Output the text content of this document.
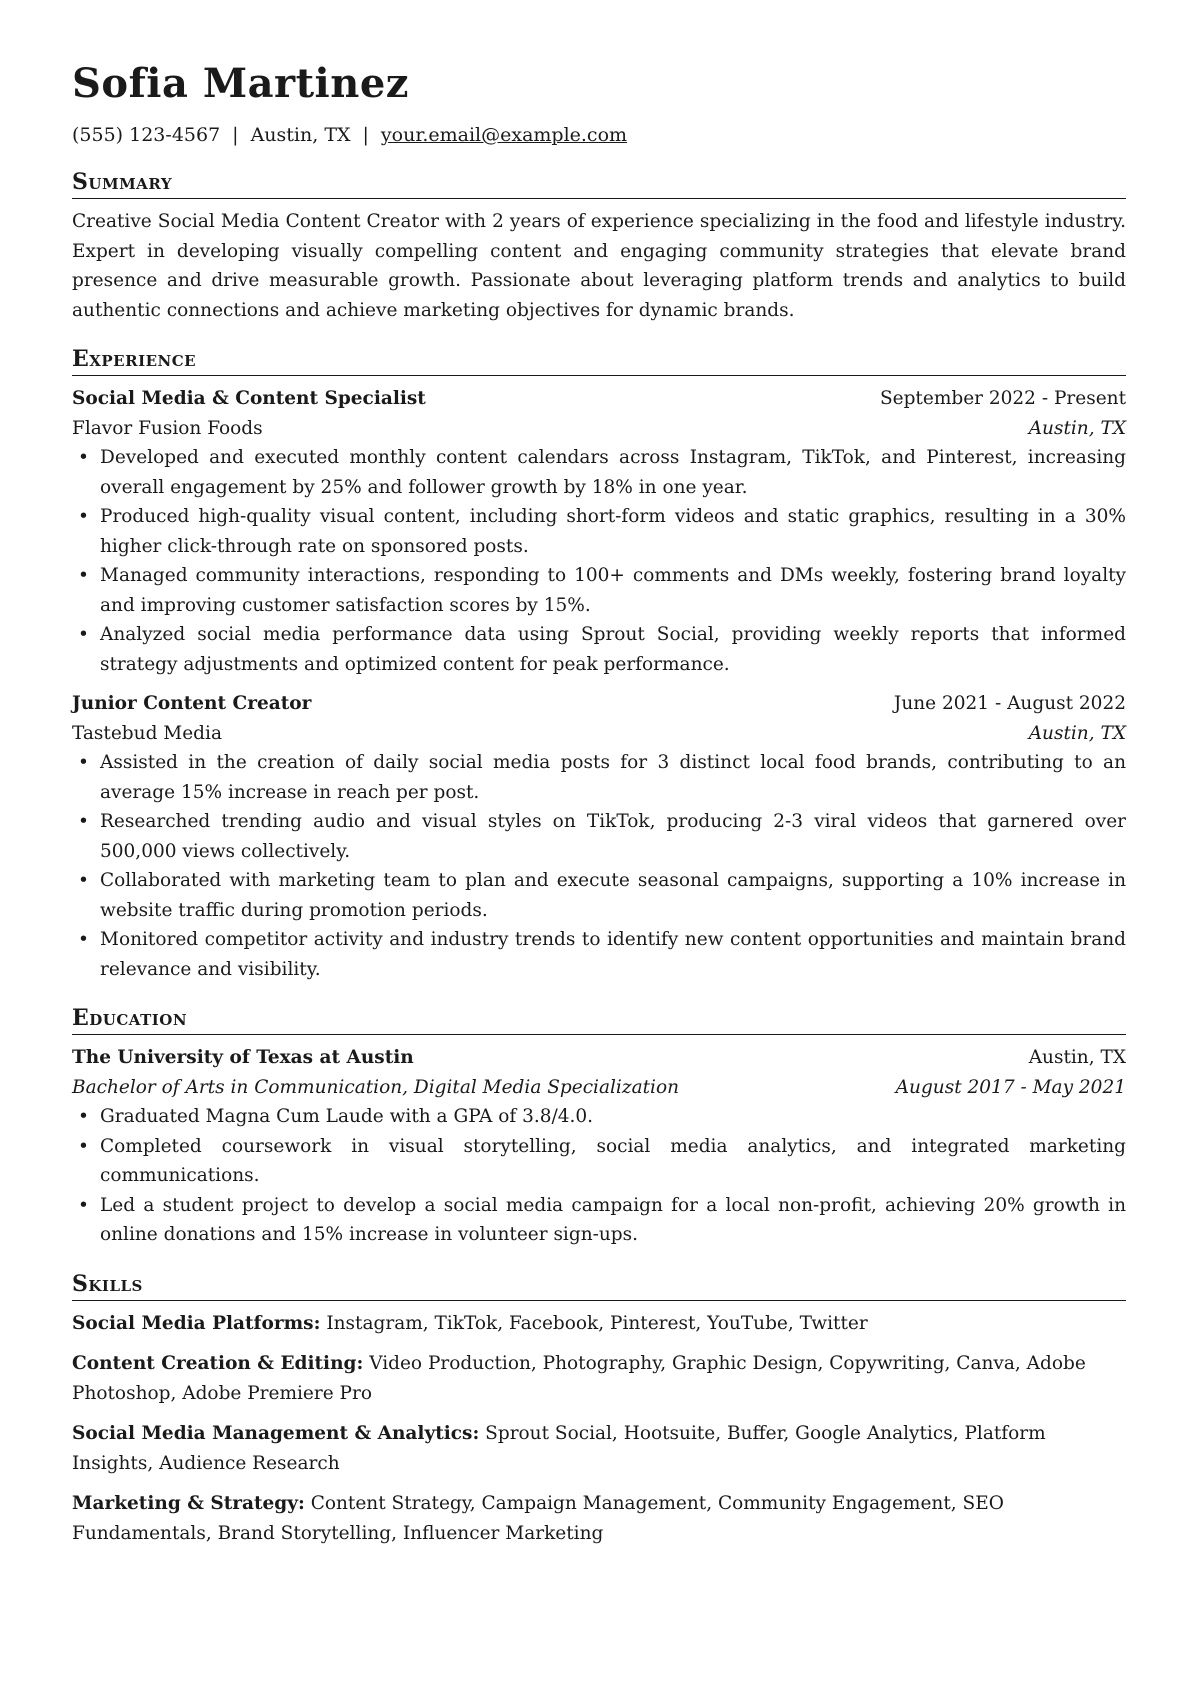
Sofia Martinez
(555) 123-4567 | Austin, TX | your.email@example.com
Summary

Creative Social Media Content Creator with 2 years of experience specializing in the food and lifestyle industry. Expert in developing visually compelling content and engaging community strategies that elevate brand presence and drive measurable growth. Passionate about leveraging platform trends and analytics to build authentic connections and achieve marketing objectives for dynamic brands.

Experience
Social Media & Content Specialist	September 2022 - Present
Flavor Fusion Foods	Austin, TX
• Developed and executed monthly content calendars across Instagram, TikTok, and Pinterest, increasing overall engagement by 25% and follower growth by 18% in one year.
• Produced high-quality visual content, including short-form videos and static graphics, resulting in a 30% higher click-through rate on sponsored posts.
• Managed community interactions, responding to 100+ comments and DMs weekly, fostering brand loyalty and improving customer satisfaction scores by 15%.
• Analyzed social media performance data using Sprout Social, providing weekly reports that informed strategy adjustments and optimized content for peak performance.
Junior Content Creator	June 2021 - August 2022
Tastebud Media	Austin, TX
• Assisted in the creation of daily social media posts for 3 distinct local food brands, contributing to an average 15% increase in reach per post.
• Researched trending audio and visual styles on TikTok, producing 2-3 viral videos that garnered over 500,000 views collectively.
• Collaborated with marketing team to plan and execute seasonal campaigns, supporting a 10% increase in website traffic during promotion periods.
• Monitored competitor activity and industry trends to identify new content opportunities and maintain brand relevance and visibility.
Education
The University of Texas at Austin	Austin, TX
Bachelor of Arts in Communication, Digital Media Specialization	August 2017 - May 2021
• Graduated Magna Cum Laude with a GPA of 3.8/4.0.
• Completed coursework in visual storytelling, social media analytics, and integrated marketing communications.
• Led a student project to develop a social media campaign for a local non-profit, achieving 20% growth in online donations and 15% increase in volunteer sign-ups.
Skills

Social Media Platforms: Instagram, TikTok, Facebook, Pinterest, YouTube, Twitter

Content Creation & Editing: Video Production, Photography, Graphic Design, Copywriting, Canva, Adobe Photoshop, Adobe Premiere Pro

Social Media Management & Analytics: Sprout Social, Hootsuite, Buffer, Google Analytics, Platform Insights, Audience Research

Marketing & Strategy: Content Strategy, Campaign Management, Community Engagement, SEO Fundamentals, Brand Storytelling, Influencer Marketing
